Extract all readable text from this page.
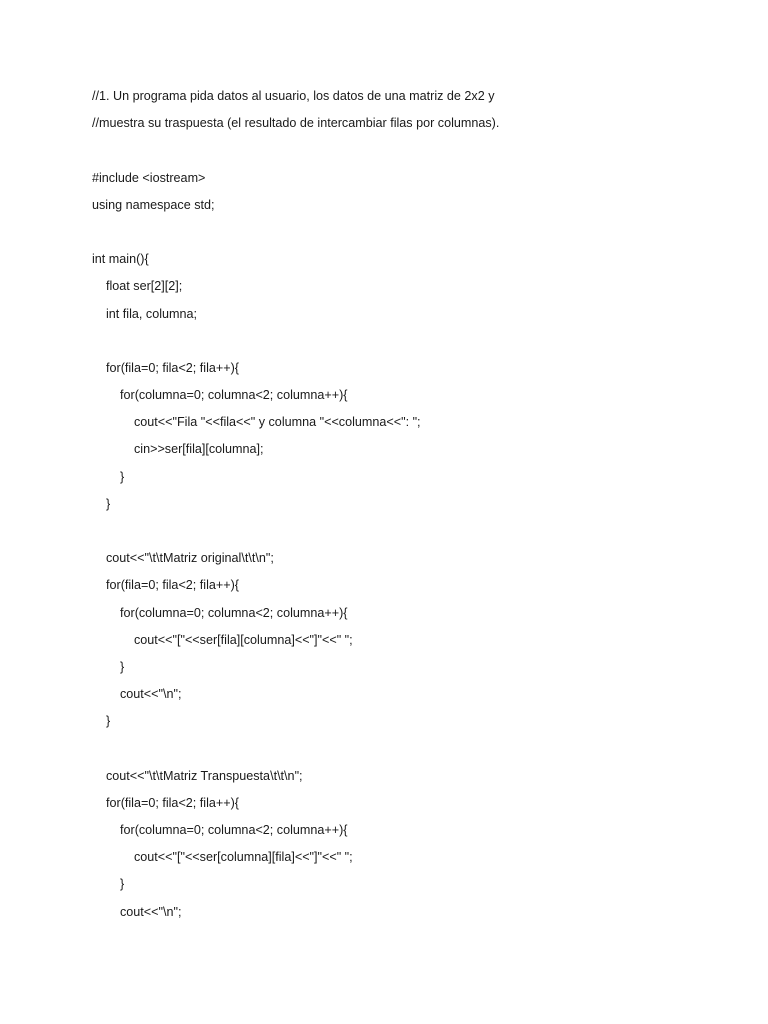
//1. Un programa pida datos al usuario, los datos de una matriz de 2x2 y
//muestra su traspuesta (el resultado de intercambiar filas por columnas).
#include <iostream>
using namespace std;
int main(){
float ser[2][2];
int fila, columna;
for(fila=0; fila<2; fila++){
for(columna=0; columna<2; columna++){
cout<<"Fila "<<fila<<" y columna "<<columna<<": ";
cin>>ser[fila][columna];
}
}
cout<<"\t\tMatriz original\t\t\n";
for(fila=0; fila<2; fila++){
for(columna=0; columna<2; columna++){
cout<<"["<<ser[fila][columna]<<"]"<<" ";
}
cout<<"\n";
}
cout<<"\t\tMatriz Transpuesta\t\t\n";
for(fila=0; fila<2; fila++){
for(columna=0; columna<2; columna++){
cout<<"["<<ser[columna][fila]<<"]"<<" ";
}
cout<<"\n";
